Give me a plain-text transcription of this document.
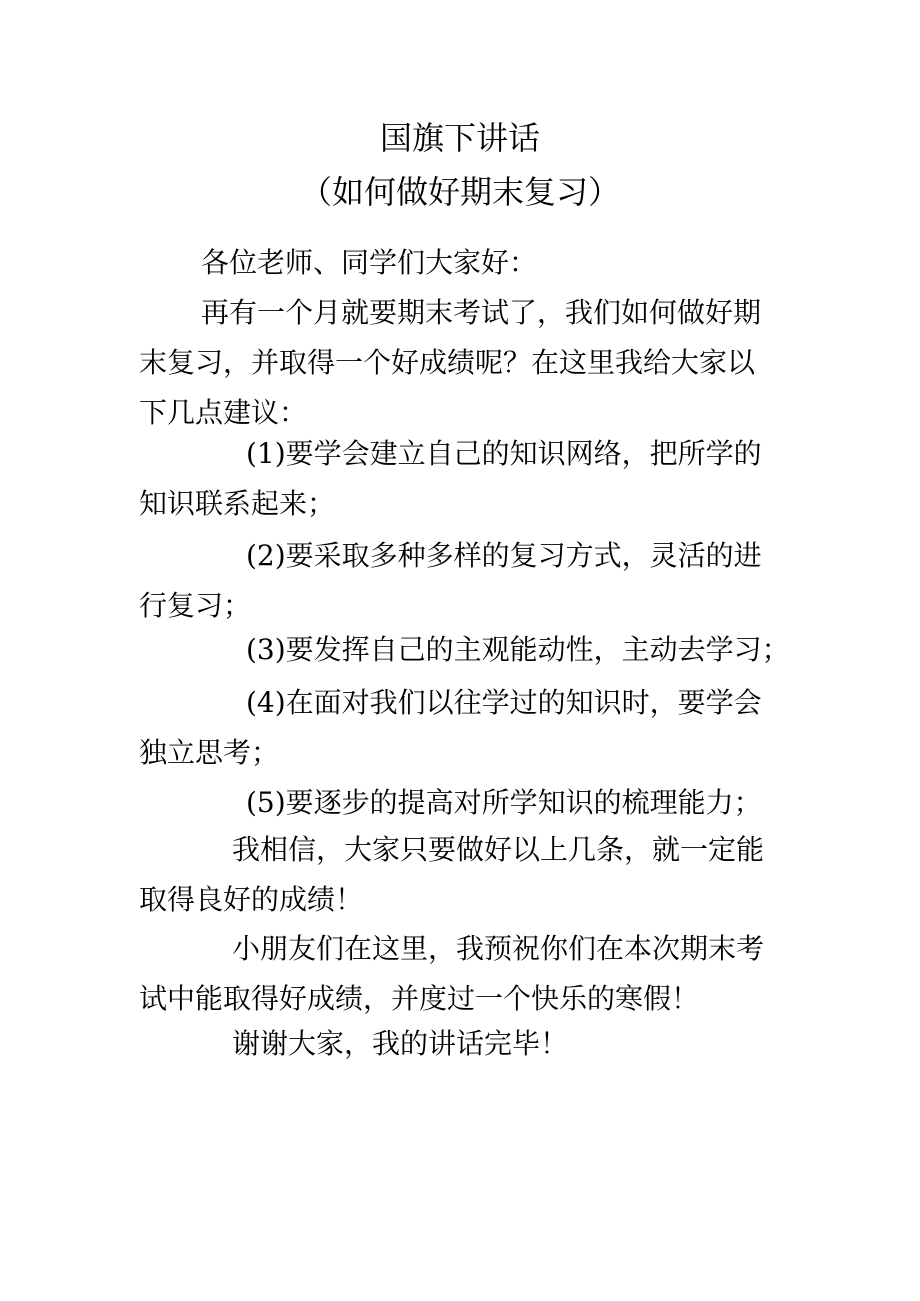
国旗下讲话
（如何做好期末复习）
各位老师、同学们大家好：
再有一个月就要期末考试了，我们如何做好期
末复习，并取得一个好成绩呢？在这里我给大家以
下几点建议：
(1)要学会建立自己的知识网络，把所学的
知识联系起来；
(2)要采取多种多样的复习方式，灵活的进
行复习；
(3)要发挥自己的主观能动性，主动去学习；
(4)在面对我们以往学过的知识时，要学会
独立思考；
(5)要逐步的提高对所学知识的梳理能力；
我相信，大家只要做好以上几条，就一定能
取得良好的成绩！
小朋友们在这里，我预祝你们在本次期末考
试中能取得好成绩，并度过一个快乐的寒假！
谢谢大家，我的讲话完毕！
